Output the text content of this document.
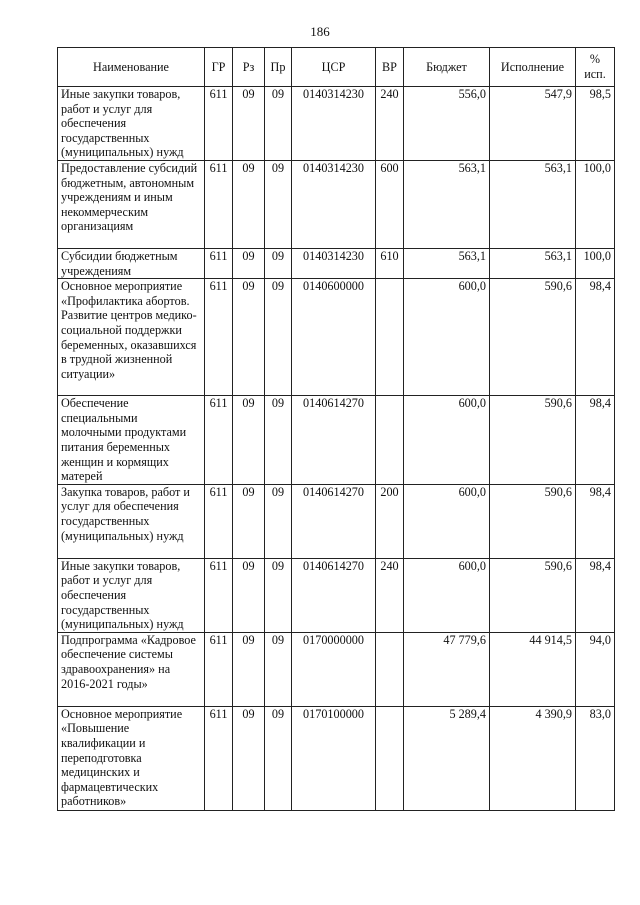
186
Наименование	ГР	Рз	Пр	ЦСР	ВР	Бюджет	Исполнение	%
исп.

Иные закупки товаров, работ и услуг для обеспечения государственных (муниципальных) нужд	611	09	09	0140314230	240	556,0	547,9	98,5
Предоставление субсидий бюджетным, автономным учреждениям и иным некоммерческим организациям	611	09	09	0140314230	600	563,1	563,1	100,0
Субсидии бюджетным учреждениям	611	09	09	0140314230	610	563,1	563,1	100,0
Основное мероприятие «Профилактика абортов. Развитие центров медико-социальной поддержки беременных, оказавшихся в трудной жизненной ситуации»	611	09	09	0140600000		600,0	590,6	98,4
Обеспечение специальными молочными продуктами питания беременных женщин и кормящих матерей	611	09	09	0140614270		600,0	590,6	98,4
Закупка товаров, работ и услуг для обеспечения государственных (муниципальных) нужд	611	09	09	0140614270	200	600,0	590,6	98,4
Иные закупки товаров, работ и услуг для обеспечения государственных (муниципальных) нужд	611	09	09	0140614270	240	600,0	590,6	98,4
Подпрограмма «Кадровое обеспечение системы здравоохранения» на 2016-2021 годы»	611	09	09	0170000000		47 779,6	44 914,5	94,0
Основное мероприятие «Повышение квалификации и переподготовка медицинских и фармацевтических работников»	611	09	09	0170100000		5 289,4	4 390,9	83,0
